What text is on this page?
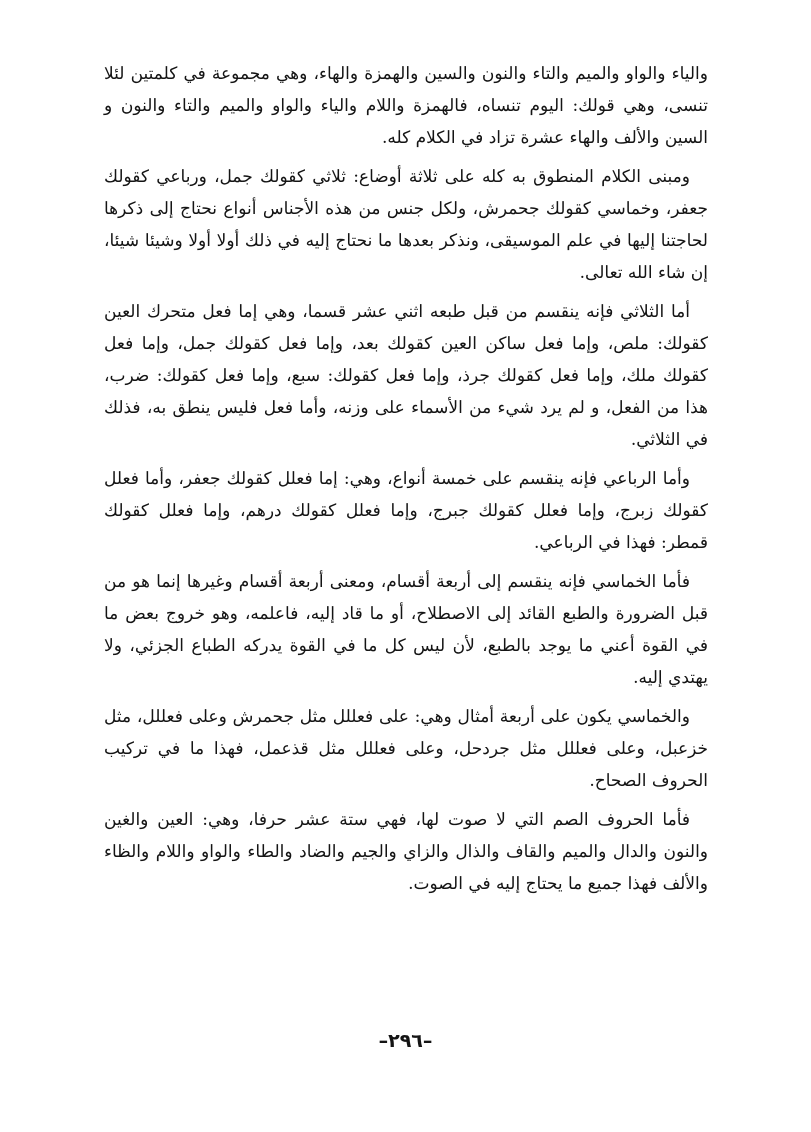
والياء والواو والميم والتاء والنون والسين والهمزة والهاء، وهي مجموعة في كلمتين لئلا تنسى، وهي قولك: اليوم تنساه، فالهمزة واللام والياء والواو والميم والتاء والنون و السين والألف والهاء عشرة تزاد في الكلام كله.

ومبنى الكلام المنطوق به كله على ثلاثة أوضاع: ثلاثي كقولك جمل، ورباعي كقولك جعفر، وخماسي كقولك جحمرش، ولكل جنس من هذه الأجناس أنواع نحتاج إلى ذكرها لحاجتنا إليها في علم الموسيقى، ونذكر بعدها ما نحتاج إليه في ذلك أولا أولا وشيئا شيئا، إن شاء الله تعالى.

أما الثلاثي فإنه ينقسم من قبل طبعه اثني عشر قسما، وهي إما فعل متحرك العين كقولك: ملص، وإما فعل ساكن العين كقولك بعد، وإما فعل كقولك جمل، وإما فعل كقولك ملك، وإما فعل كقولك جرذ، وإما فعل كقولك: سبع، وإما فعل كقولك: ضرب، هذا من الفعل، و لم يرد شيء من الأسماء على وزنه، وأما فعل فليس ينطق به، فذلك في الثلاثي.

وأما الرباعي فإنه ينقسم على خمسة أنواع، وهي: إما فعلل كقولك جعفر، وأما فعلل كقولك زبرج، وإما فعلل كقولك جبرج، وإما فعلل كقولك درهم، وإما فعلل كقولك قمطر: فهذا في الرباعي.

فأما الخماسي فإنه ينقسم إلى أربعة أقسام، ومعنى أربعة أقسام وغيرها إنما هو من قبل الضرورة والطبع القائد إلى الاصطلاح، أو ما قاد إليه، فاعلمه، وهو خروج بعض ما في القوة أعني ما يوجد بالطبع، لأن ليس كل ما في القوة يدركه الطباع الجزئي، ولا يهتدي إليه.

والخماسي يكون على أربعة أمثال وهي: على فعللل مثل جحمرش وعلى فعللل، مثل خزعبل، وعلى فعللل مثل جردحل، وعلى فعللل مثل قذعمل، فهذا ما في تركيب الحروف الصحاح.

فأما الحروف الصم التي لا صوت لها، فهي ستة عشر حرفا، وهي: العين والغين والنون والدال والميم والقاف والذال والزاي والجيم والضاد والطاء والواو واللام والظاء والألف فهذا جميع ما يحتاج إليه في الصوت.

–٢٩٦–
